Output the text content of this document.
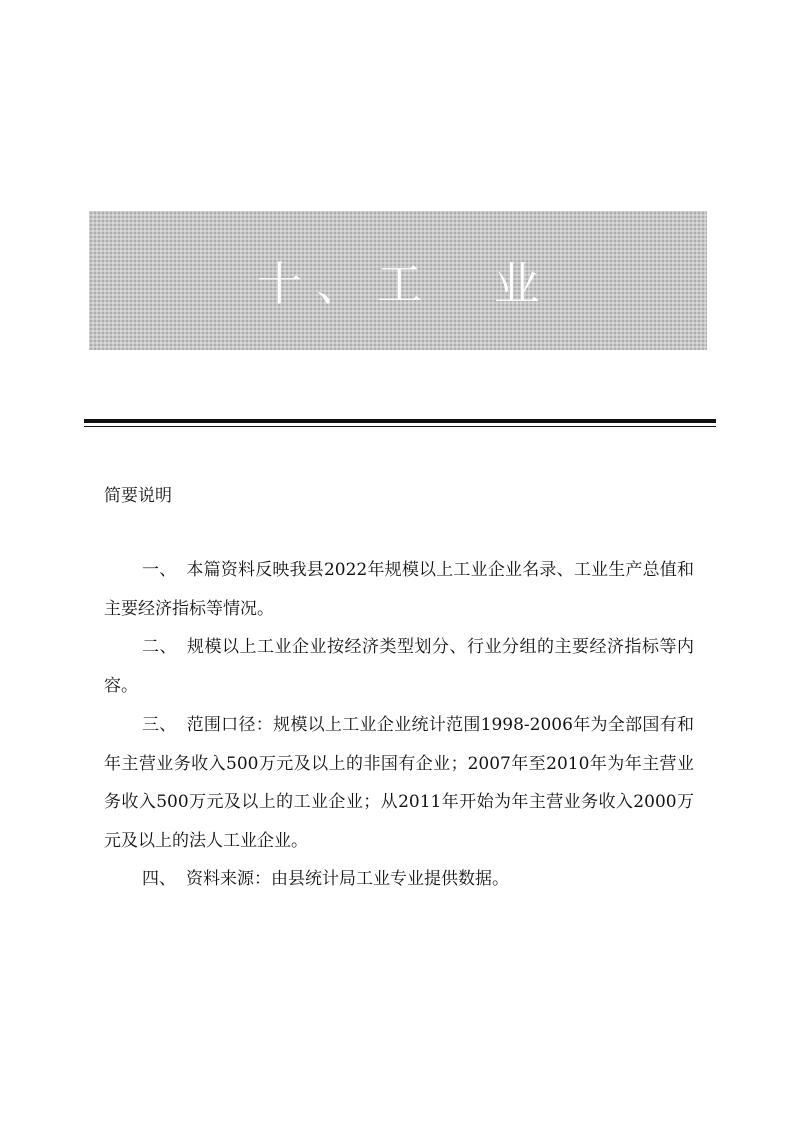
十、工  业
简要说明
一、 本篇资料反映我县2022年规模以上工业企业名录、工业生产总值和主要经济指标等情况。
二、 规模以上工业企业按经济类型划分、行业分组的主要经济指标等内容。
三、 范围口径：规模以上工业企业统计范围1998-2006年为全部国有和年主营业务收入500万元及以上的非国有企业；2007年至2010年为年主营业务收入500万元及以上的工业企业；从2011年开始为年主营业务收入2000万元及以上的法人工业企业。
四、 资料来源：由县统计局工业专业提供数据。
